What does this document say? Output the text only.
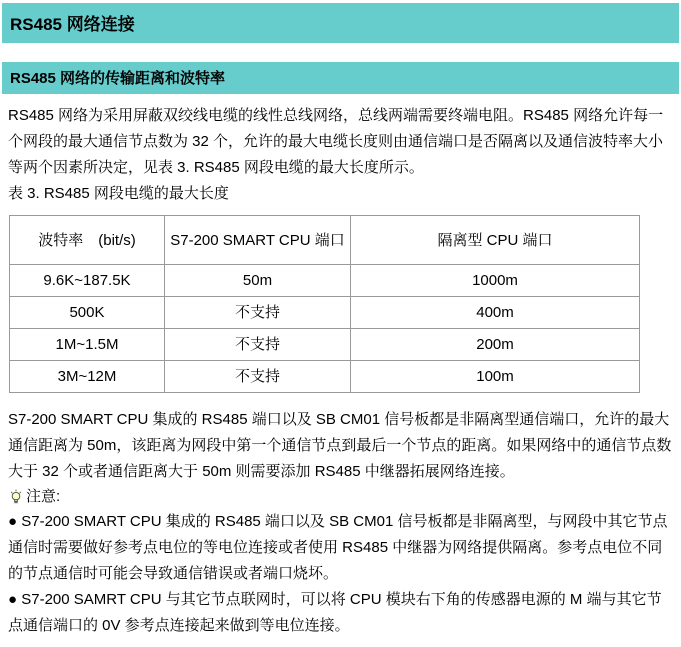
RS485 网络连接
RS485 网络的传输距离和波特率

RS485 网络为采用屏蔽双绞线电缆的线性总线网络，总线两端需要终端电阻。RS485 网络允许每一个网段的最大通信节点数为 32 个，允许的最大电缆长度则由通信端口是否隔离以及通信波特率大小等两个因素所决定，见表 3. RS485 网段电缆的最大长度所示。

表 3. RS485 网段电缆的最大长度
波特率　(bit/s)	S7-200 SMART CPU 端口	隔离型 CPU 端口
9.6K~187.5K	50m	1000m
500K	不支持	400m
1M~1.5M	不支持	200m
3M~12M	不支持	100m

S7-200 SMART CPU 集成的 RS485 端口以及 SB CM01 信号板都是非隔离型通信端口，允许的最大通信距离为 50m，该距离为网段中第一个通信节点到最后一个节点的距离。如果网络中的通信节点数大于 32 个或者通信距离大于 50m 则需要添加 RS485 中继器拓展网络连接。

注意:
● S7-200 SMART CPU 集成的 RS485 端口以及 SB CM01 信号板都是非隔离型，与网段中其它节点通信时需要做好参考点电位的等电位连接或者使用 RS485 中继器为网络提供隔离。参考点电位不同的节点通信时可能会导致通信错误或者端口烧坏。
● S7-200 SAMRT CPU 与其它节点联网时，可以将 CPU 模块右下角的传感器电源的 M 端与其它节点通信端口的 0V 参考点连接起来做到等电位连接。
